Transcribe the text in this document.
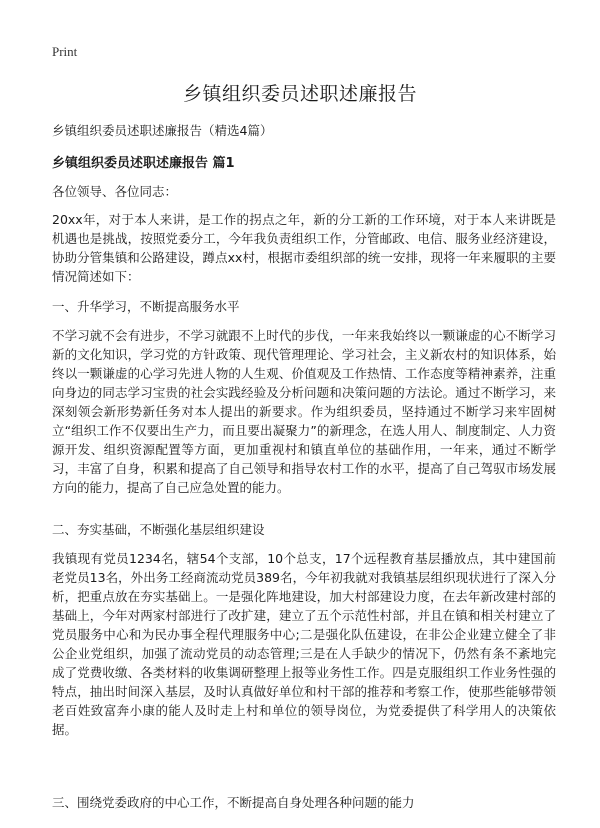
Print
乡镇组织委员述职述廉报告
乡镇组织委员述职述廉报告（精选4篇）
乡镇组织委员述职述廉报告 篇1
各位领导、各位同志：

20xx年，对于本人来讲，是工作的拐点之年，新的分工新的工作环境，对于本人来讲既是机遇也是挑战，按照党委分工，今年我负责组织工作，分管邮政、电信、服务业经济建设，协助分管集镇和公路建设，蹲点xx村，根据市委组织部的统一安排，现将一年来履职的主要情况简述如下：

一、升华学习，不断提高服务水平

不学习就不会有进步，不学习就跟不上时代的步伐，一年来我始终以一颗谦虚的心不断学习新的文化知识，学习党的方针政策、现代管理理论、学习社会，主义新农村的知识体系，始终以一颗谦虚的心学习先进人物的人生观、价值观及工作热情、工作态度等精神素养，注重向身边的同志学习宝贵的社会实践经验及分析问题和决策问题的方法论。通过不断学习，来深刻领会新形势新任务对本人提出的新要求。作为组织委员，坚持通过不断学习来牢固树立“组织工作不仅要出生产力，而且要出凝聚力”的新理念，在选人用人、制度制定、人力资源开发、组织资源配置等方面，更加重视村和镇直单位的基础作用，一年来，通过不断学习，丰富了自身，积累和提高了自己领导和指导农村工作的水平，提高了自己驾驭市场发展方向的能力，提高了自己应急处置的能力。

二、夯实基础，不断强化基层组织建设

我镇现有党员1234名，辖54个支部，10个总支，17个远程教育基层播放点，其中建国前老党员13名，外出务工经商流动党员389名，今年初我就对我镇基层组织现状进行了深入分析，把重点放在夯实基础上。一是强化阵地建设，加大村部建设力度，在去年新改建村部的基础上，今年对两家村部进行了改扩建，建立了五个示范性村部，并且在镇和相关村建立了党员服务中心和为民办事全程代理服务中心;二是强化队伍建设，在非公企业建立健全了非公企业党组织，加强了流动党员的动态管理;三是在人手缺少的情况下，仍然有条不紊地完成了党费收缴、各类材料的收集调研整理上报等业务性工作。四是克服组织工作业务性强的特点，抽出时间深入基层，及时认真做好单位和村干部的推荐和考察工作，使那些能够带领老百姓致富奔小康的能人及时走上村和单位的领导岗位，为党委提供了科学用人的决策依据。

三、围绕党委政府的中心工作，不断提高自身处理各种问题的能力
